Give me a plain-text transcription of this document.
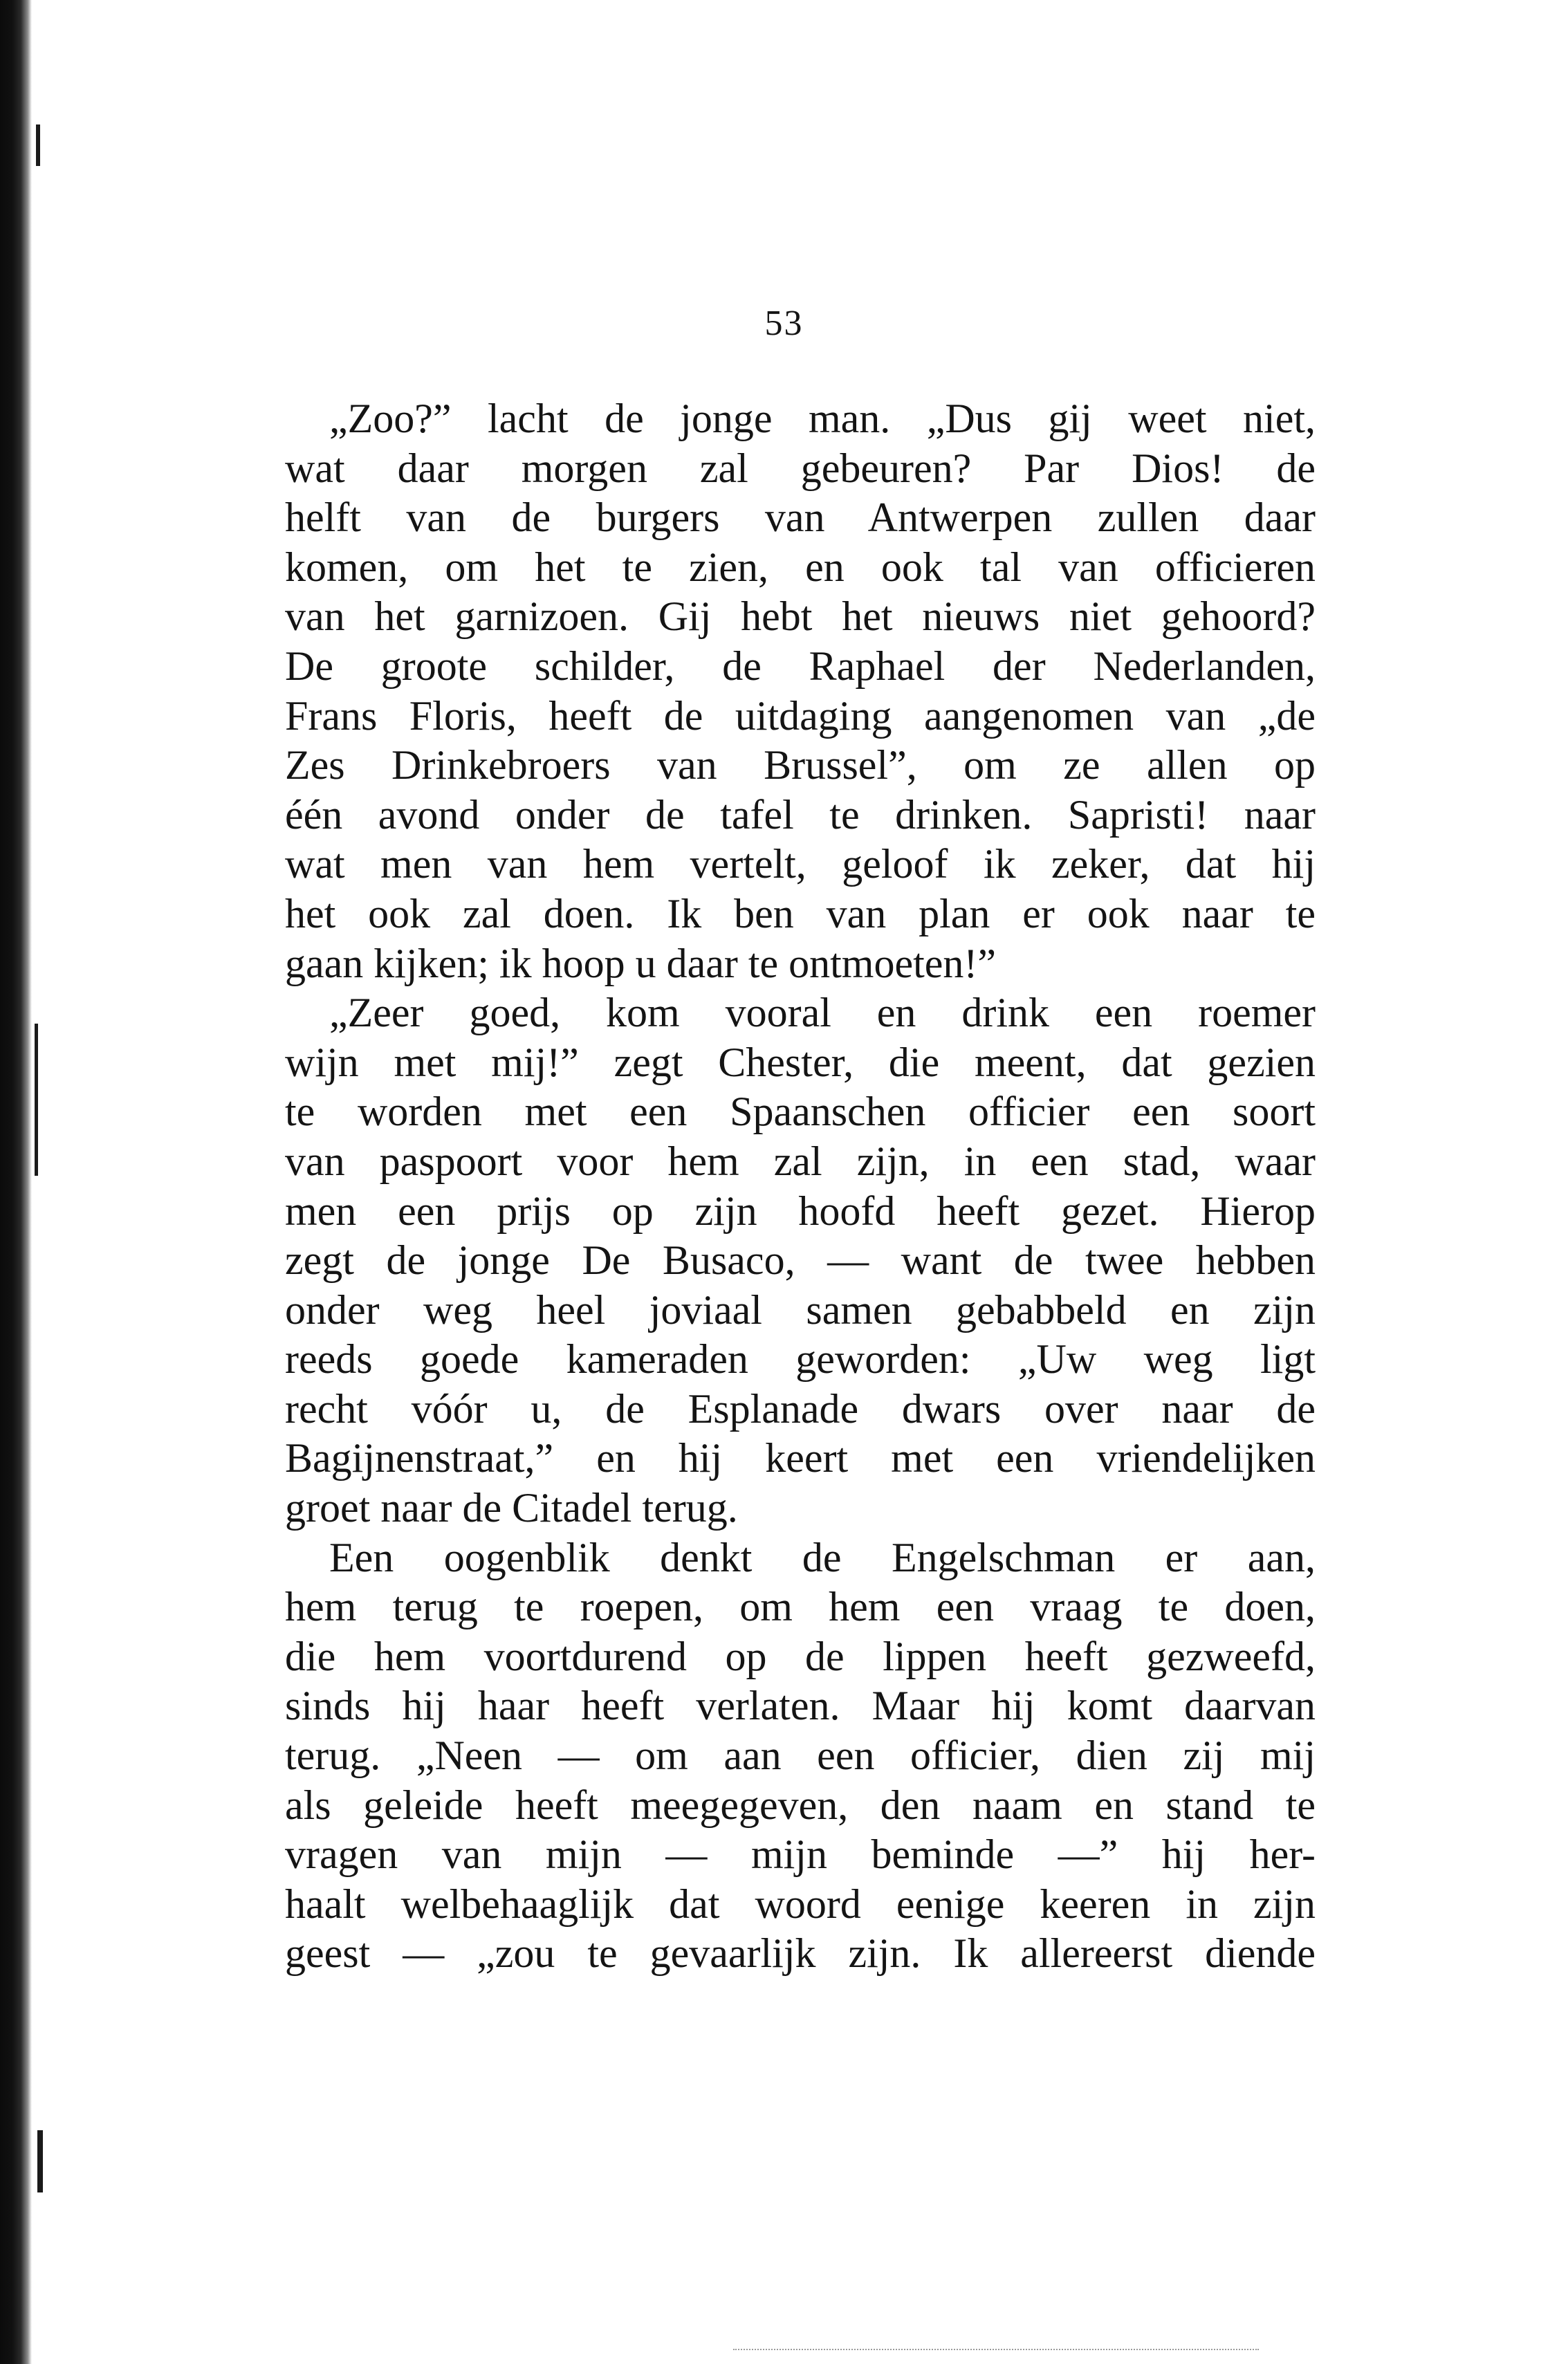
53
„Zoo?” lacht de jonge man. „Dus gij weet niet,
wat daar morgen zal gebeuren? Par Dios! de
helft van de burgers van Antwerpen zullen daar
komen, om het te zien, en ook tal van officieren
van het garnizoen. Gij hebt het nieuws niet gehoord?
De groote schilder, de Raphael der Nederlanden,
Frans Floris, heeft de uitdaging aangenomen van „de
Zes Drinkebroers van Brussel”, om ze allen op
één avond onder de tafel te drinken. Sapristi! naar
wat men van hem vertelt, geloof ik zeker, dat hij
het ook zal doen. Ik ben van plan er ook naar te
gaan kijken; ik hoop u daar te ontmoeten!”
„Zeer goed, kom vooral en drink een roemer
wijn met mij!” zegt Chester, die meent, dat gezien
te worden met een Spaanschen officier een soort
van paspoort voor hem zal zijn, in een stad, waar
men een prijs op zijn hoofd heeft gezet. Hierop
zegt de jonge De Busaco, — want de twee hebben
onder weg heel joviaal samen gebabbeld en zijn
reeds goede kameraden geworden: „Uw weg ligt
recht vóór u, de Esplanade dwars over naar de
Bagijnenstraat,” en hij keert met een vriendelijken
groet naar de Citadel terug.
Een oogenblik denkt de Engelschman er aan,
hem terug te roepen, om hem een vraag te doen,
die hem voortdurend op de lippen heeft gezweefd,
sinds hij haar heeft verlaten. Maar hij komt daarvan
terug. „Neen — om aan een officier, dien zij mij
als geleide heeft meegegeven, den naam en stand te
vragen van mijn — mijn beminde —” hij her-
haalt welbehaaglijk dat woord eenige keeren in zijn
geest — „zou te gevaarlijk zijn. Ik allereerst diende
